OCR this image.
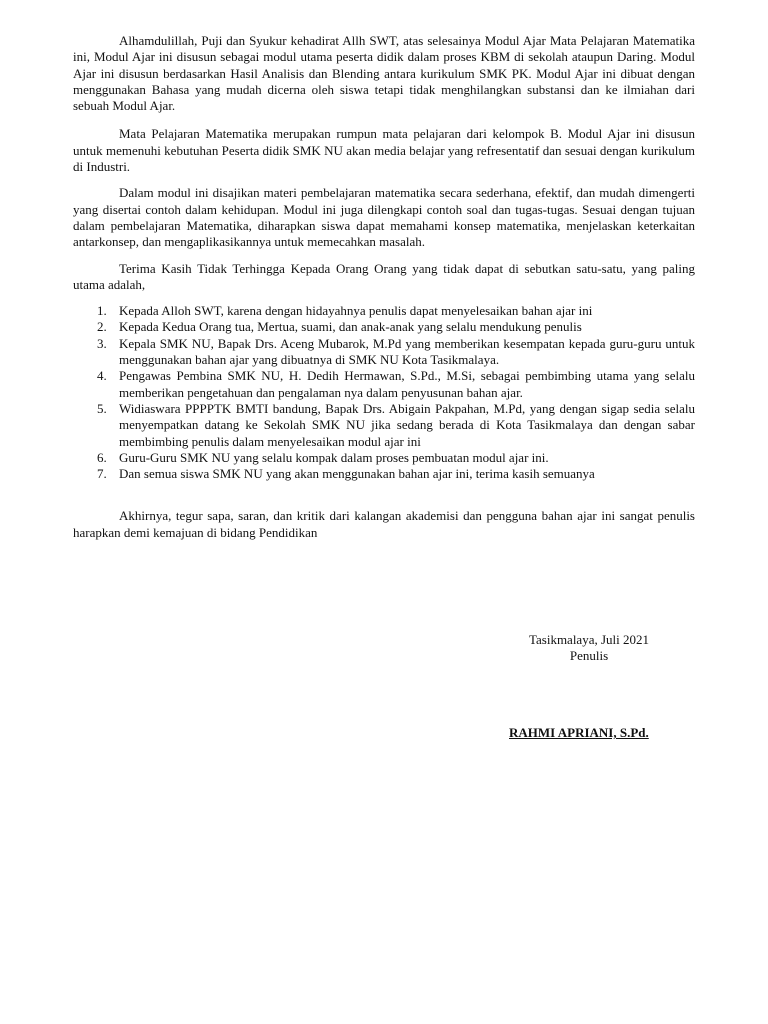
Alhamdulillah, Puji dan Syukur kehadirat Allh SWT, atas selesainya Modul Ajar Mata Pelajaran Matematika ini, Modul Ajar ini disusun sebagai modul utama peserta didik dalam proses KBM di sekolah ataupun Daring. Modul Ajar ini disusun berdasarkan Hasil Analisis dan Blending antara kurikulum SMK PK. Modul Ajar ini dibuat dengan menggunakan Bahasa yang mudah dicerna oleh siswa tetapi tidak menghilangkan substansi dan ke ilmiahan dari sebuah Modul Ajar.

Mata Pelajaran Matematika merupakan rumpun mata pelajaran dari kelompok B. Modul Ajar ini disusun untuk memenuhi kebutuhan Peserta didik SMK NU akan media belajar yang refresentatif dan sesuai dengan kurikulum di Industri.

Dalam modul ini disajikan materi pembelajaran matematika secara sederhana, efektif, dan mudah dimengerti yang disertai contoh dalam kehidupan. Modul ini juga dilengkapi contoh soal dan tugas-tugas. Sesuai dengan tujuan dalam pembelajaran Matematika, diharapkan siswa dapat memahami konsep matematika, menjelaskan keterkaitan antarkonsep, dan mengaplikasikannya untuk memecahkan masalah.

Terima Kasih Tidak Terhingga Kepada Orang Orang yang tidak dapat di sebutkan satu-satu, yang paling utama adalah,

1. Kepada Alloh SWT, karena dengan hidayahnya penulis dapat menyelesaikan bahan ajar ini
2. Kepada Kedua Orang tua, Mertua, suami, dan anak-anak yang selalu mendukung penulis
3. Kepala SMK NU, Bapak Drs. Aceng Mubarok, M.Pd yang memberikan kesempatan kepada guru-guru untuk menggunakan bahan ajar yang dibuatnya di SMK NU Kota Tasikmalaya.
4. Pengawas Pembina SMK NU, H. Dedih Hermawan, S.Pd., M.Si, sebagai pembimbing utama yang selalu memberikan pengetahuan dan pengalaman nya dalam penyusunan bahan ajar.
5. Widiaswara PPPPTK BMTI bandung, Bapak Drs. Abigain Pakpahan, M.Pd, yang dengan sigap sedia selalu menyempatkan datang ke Sekolah SMK NU jika sedang berada di Kota Tasikmalaya dan dengan sabar membimbing penulis dalam menyelesaikan modul ajar ini
6. Guru-Guru SMK NU yang selalu kompak dalam proses pembuatan modul ajar ini.
7. Dan semua siswa SMK NU yang akan menggunakan bahan ajar ini, terima kasih semuanya

Akhirnya, tegur sapa, saran, dan kritik dari kalangan akademisi dan pengguna bahan ajar ini sangat penulis harapkan demi kemajuan di bidang Pendidikan

Tasikmalaya, Juli 2021
Penulis
RAHMI APRIANI, S.Pd.
